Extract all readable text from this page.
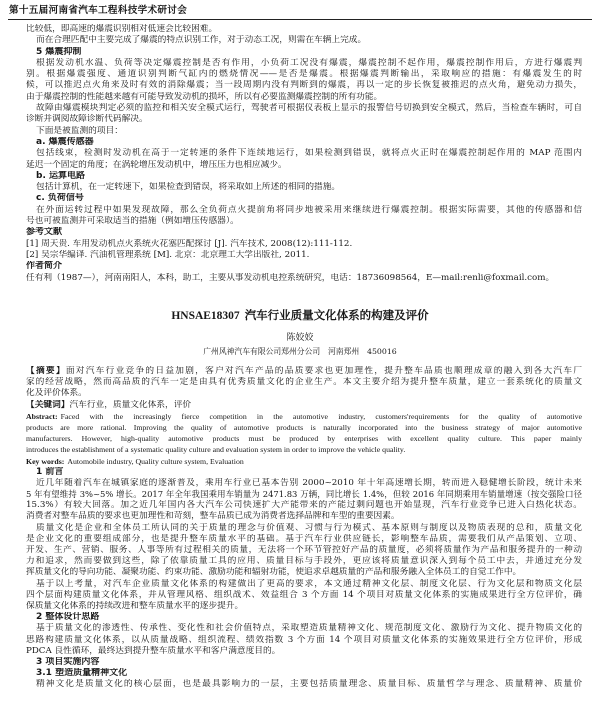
第十五届河南省汽车工程科技学术研讨会
比较低，即高速的爆震识别相对低速会比较困难。
而在合理匹配中主要完成了爆震的特点识别工作，对于动态工况，则需在车辆上完成。
5 爆震抑制
根据发动机水温、负荷等决定爆震控制是否有作用，小负荷工况没有爆震，爆震控制不起作用，爆震控制作用后，方进行爆震判
别。根据爆震强度、通道识别判断气缸内的燃烧情况——是否是爆震。根据爆震判断输出，采取响应的措施：有爆震发生的时
候，可以推迟点火角来及时有效的消除爆震；当一段周期内没有判断到的爆震，再以一定的步长恢复被推迟的点火角，避免动力损失，
由于爆震控制的性能越来越有可能导致发动机的损坏，所以有必要监测爆震控制的所有功能。
故障由爆震模块判定必须的监控和相关安全模式运行，驾驶者可根据仪表板上显示的报警信号切换到安全模式，然后，当检查车辆时，可自
诊断并调阅故障诊断代码解决。
下面是被监测的项目：
a. 爆震传感器
包括线束，检测时发动机在高于一定转速的条件下连续地运行，如果检测到错误，就将点火正时在爆震控制起作用的 MAP 范围内
延迟一个固定的角度；在涡轮增压发动机中，增压压力也相应减少。
b. 运算电路
包括计算机，在一定转速下，如果检查到错误，将采取如上所述的相同的措施。
c. 负荷信号
在外面运转过程中如果发现故障，那么全负荷点火提前角将同步地被采用来继续进行爆震控制。根据实际需要，其他的传感器和信
号也可被监测并可采取适当的措施（例如增压传感器）。
参考文献
[1] 周天贵. 车用发动机点火系统火花塞匹配探讨 [J]. 汽车技术, 2008(12):111-112.
[2] 吴宗华编译. 汽油机管理系统 [M]. 北京：北京理工大学出版社, 2011.
作者简介
任有利（1987—），河南南阳人，本科，助工，主要从事发动机电控系统研究，电话：18736098564，E—mail:renli@foxmail.com。
HNSAE18307 汽车行业质量文化体系的构建及评价
陈姣姣
广州风神汽车有限公司郑州分公司　河南郑州　450016
【摘要】面对汽车行业竞争的日益加剧，客户对汽车产品的品质要求也更加理性，提升整车品质也顺理成章的融入到各大汽车厂
家的经营战略，然而高品质的汽车一定是由具有优秀质量文化的企业生产。本文主要介绍为提升整车质量，建立一套系统化的质量文
化及评价体系。
【关键词】汽车行业，质量文化体系，评价
Abstract: Faced with the increasingly fierce competition in the automotive industry, customers'requirements for the quality of automotive
products are more rational. Improving the quality of automotive products is naturally incorporated into the business strategy of major automotive
manufacturers. However, high-quality automotive products must be produced by enterprises with excellent quality culture. This paper mainly
introduces the establishment of a systematic quality culture and evaluation system in order to improve the vehicle quality.
Key words: Automobile industry, Quality culture system, Evaluation
1 前言
近几年随着汽车在城镇家庭的逐渐普及，乘用车行业已基本告别 2000~2010 年十年高速增长期，转而进入稳健增长阶段，统计未来
5 年有望维持 3%~5% 增长。2017 年全年我国乘用车销量为 2471.83 万辆，同比增长 1.4%，但较 2016 年同期乘用车销量增速（按交强险口径
15.3%）有较大回落。加之近几年国内各大汽车公司快速扩大产能带来的产能过剩问题也开始显现，汽车行业竞争已进入白热化状态。
消费者对整车品质的要求也更加理性和苛刻，整车品质已成为消费者选择品牌和车型的重要因素。
质量文化是企业和全体员工所认同的关于质量的理念与价值观、习惯与行为模式、基本原则与制度以及物质表现的总和，质量文化
是企业文化的重要组成部分，也是提升整车质量水平的基础。基于汽车行业供应链长，影响整车品质，需要我们从产品策划、立项、
开发、生产、营销、服务、人事等所有过程相关的质量，无法将一个环节管控好产品的质量度，必须将质量作为产品和服务提升的一种动
力和追求，然而要做到这些，除了依靠质量工具的应用、质量目标与手段外，更应该将质量意识深入到每个员工中去，并通过充分发
挥质量文化的导向功能、凝聚功能、约束功能、激励功能和辐射功能，使追求卓越质量的产品和服务融入全体员工的自觉工作中。
基于以上考量，对汽车企业质量文化体系的构建做出了更高的要求，本文通过精神文化层、制度文化层、行为文化层和物质文化层
四个层面构建质量文化体系，并从管理风格、组织战术、效益组合 3 个方面 14 个项目对质量文化体系的实施成果进行全方位评价，确
保质量文化体系的持续改进和整车质量水平的逐步提升。
2 整体设计思路
基于质量文化的渗透性、传承性、变化性和社会价值特点，采取塑造质量精神文化、规范制度文化、激励行为文化、提升物质文化的
思路构建质量文化体系，以从质量战略、组织流程、绩效指数 3 个方面 14 个项目对质量文化体系的实施效果进行全方位评价，形成
PDCA 良性循环，最终达到提升整车质量水平和客户满意度目的。
3 项目实施内容
3.1 塑造质量精神文化
精神文化是质量文化的核心层面，也是最具影响力的一层，主要包括质量理念、质量目标、质量哲学与理念、质量精神、质量价
